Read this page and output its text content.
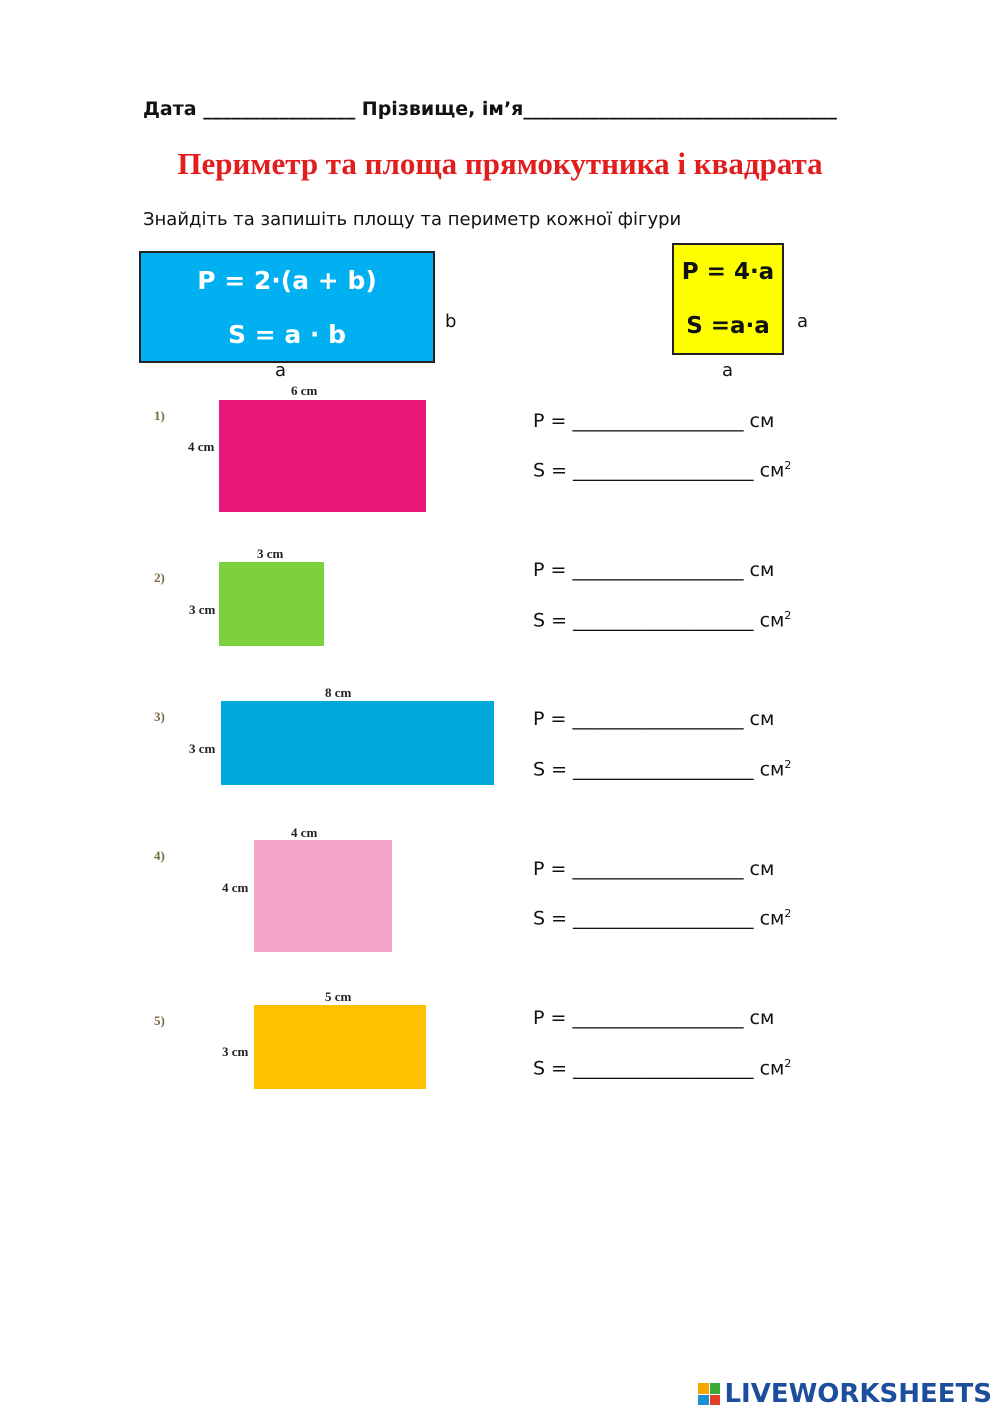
Дата ________________ Прізвище, ім’я_________________________________
Периметр та площа прямокутника і квадрата
Знайдіть та запишіть площу та периметр кожної фігури
P = 2·(a + b)
S = a · b	b
a
P = 4·a
S =a·a a
a
1)
6 cm
4 cm
P = __________________ см
S = ___________________ $см^2$
2)
3 cm
3 cm
P = __________________ см
S = ___________________ $см^2$
3)
8 cm
3 cm
P = __________________ см
S = ___________________ $см^2$
4)
4 cm
4 cm
P = __________________ см
S = ___________________ $см^2$
5)
5 cm
3 cm
P = __________________ см
S = ___________________ $см^2$
LIVEWORKSHEETS
